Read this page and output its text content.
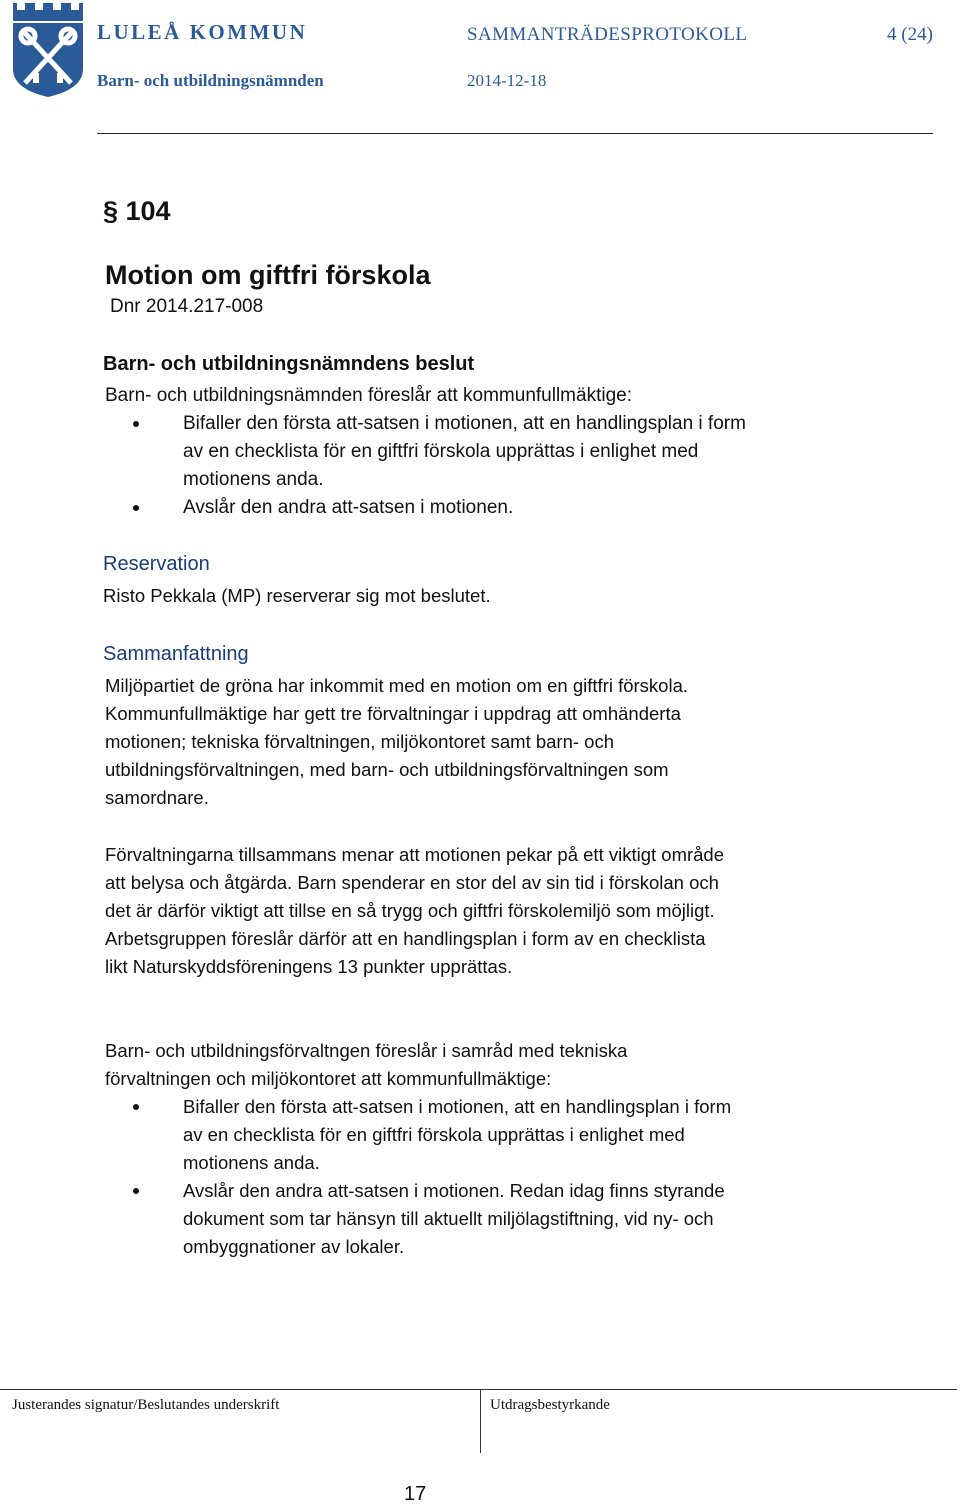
LULEÅ KOMMUN
Barn- och utbildningsnämnden
SAMMANTRÄDESPROTOKOLL	4 (24)
2014-12-18
§ 104
Motion om giftfri förskola
Dnr 2014.217-008
Barn- och utbildningsnämndens beslut
Barn- och utbildningsnämnden föreslår att kommunfullmäktige:
Bifaller den första att-satsen i motionen, att en handlingsplan i form
av en checklista för en giftfri förskola upprättas i enlighet med
motionens anda.
Avslår den andra att-satsen i motionen.
Reservation
Risto Pekkala (MP) reserverar sig mot beslutet.
Sammanfattning
Miljöpartiet de gröna har inkommit med en motion om en giftfri förskola.
Kommunfullmäktige har gett tre förvaltningar i uppdrag att omhänderta
motionen; tekniska förvaltningen, miljökontoret samt barn- och
utbildningsförvaltningen, med barn- och utbildningsförvaltningen som
samordnare.
Förvaltningarna tillsammans menar att motionen pekar på ett viktigt område
att belysa och åtgärda. Barn spenderar en stor del av sin tid i förskolan och
det är därför viktigt att tillse en så trygg och giftfri förskolemiljö som möjligt.
Arbetsgruppen föreslår därför att en handlingsplan i form av en checklista
likt Naturskyddsföreningens 13 punkter upprättas.
Barn- och utbildningsförvaltngen föreslår i samråd med tekniska
förvaltningen och miljökontoret att kommunfullmäktige:
Bifaller den första att-satsen i motionen, att en handlingsplan i form
av en checklista för en giftfri förskola upprättas i enlighet med
motionens anda.
Avslår den andra att-satsen i motionen. Redan idag finns styrande
dokument som tar hänsyn till aktuellt miljölagstiftning, vid ny- och
ombyggnationer av lokaler.
Justerandes signatur/Beslutandes underskrift	Utdragsbestyrkande
17
